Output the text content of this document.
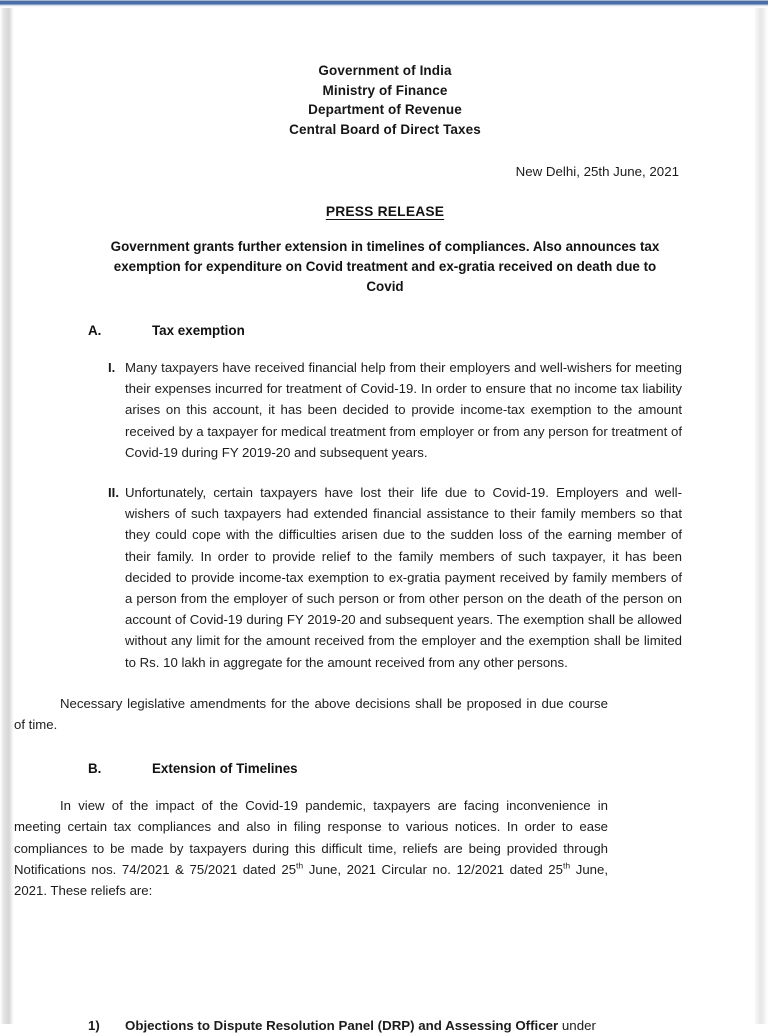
Government of India
Ministry of Finance
Department of Revenue
Central Board of Direct Taxes
New Delhi, 25th June, 2021
PRESS RELEASE
Government grants further extension in timelines of compliances. Also announces tax exemption for expenditure on Covid treatment and ex-gratia received on death due to Covid
A.	Tax exemption
I. Many taxpayers have received financial help from their employers and well-wishers for meeting their expenses incurred for treatment of Covid-19. In order to ensure that no income tax liability arises on this account, it has been decided to provide income-tax exemption to the amount received by a taxpayer for medical treatment from employer or from any person for treatment of Covid-19 during FY 2019-20 and subsequent years.

II. Unfortunately, certain taxpayers have lost their life due to Covid-19. Employers and well-wishers of such taxpayers had extended financial assistance to their family members so that they could cope with the difficulties arisen due to the sudden loss of the earning member of their family. In order to provide relief to the family members of such taxpayer, it has been decided to provide income-tax exemption to ex-gratia payment received by family members of a person from the employer of such person or from other person on the death of the person on account of Covid-19 during FY 2019-20 and subsequent years. The exemption shall be allowed without any limit for the amount received from the employer and the exemption shall be limited to Rs. 10 lakh in aggregate for the amount received from any other persons.

Necessary legislative amendments for the above decisions shall be proposed in due course of time.

B.	Extension of Timelines

In view of the impact of the Covid-19 pandemic, taxpayers are facing inconvenience in meeting certain tax compliances and also in filing response to various notices. In order to ease compliances to be made by taxpayers during this difficult time, reliefs are being provided through Notifications nos. 74/2021 & 75/2021 dated 25th June, 2021 Circular no. 12/2021 dated 25th June, 2021. These reliefs are:

1)	Objections to Dispute Resolution Panel (DRP) and Assessing Officer under
